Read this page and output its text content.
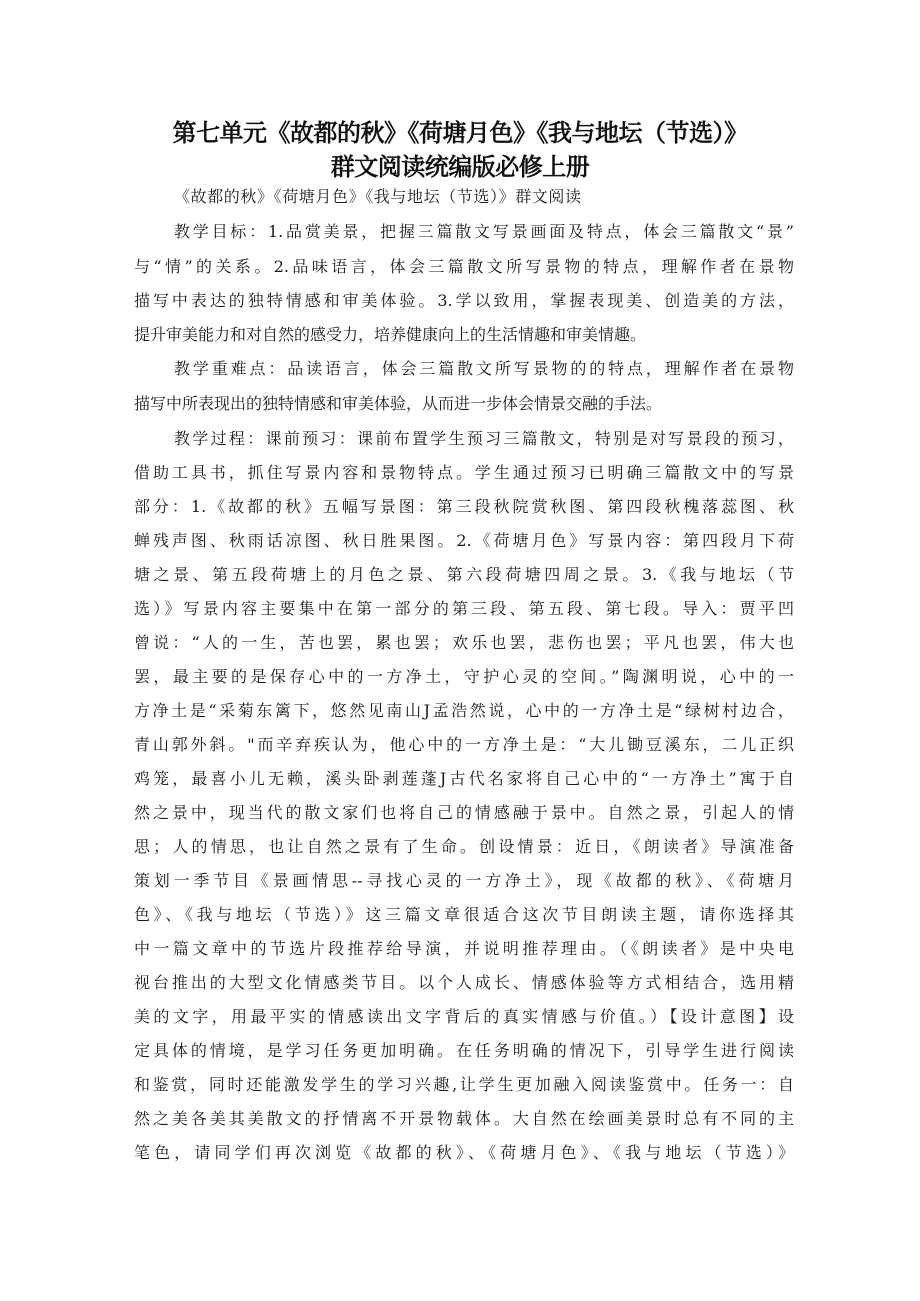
第七单元《故都的秋》《荷塘月色》《我与地坛（节选）》
群文阅读统编版必修上册
《故都的秋》《荷塘月色》《我与地坛（节选）》群文阅读
教学目标：1.品赏美景，把握三篇散文写景画面及特点，体会三篇散文“景”
与“情”的关系。2.品味语言，体会三篇散文所写景物的特点，理解作者在景物
描写中表达的独特情感和审美体验。3.学以致用，掌握表现美、创造美的方法，
提升审美能力和对自然的感受力，培养健康向上的生活情趣和审美情趣。
教学重难点：品读语言，体会三篇散文所写景物的的特点，理解作者在景物
描写中所表现出的独特情感和审美体验，从而进一步体会情景交融的手法。
教学过程：课前预习：课前布置学生预习三篇散文，特别是对写景段的预习，
借助工具书，抓住写景内容和景物特点。学生通过预习已明确三篇散文中的写景
部分：1.《故都的秋》五幅写景图：第三段秋院赏秋图、第四段秋槐落蕊图、秋
蝉残声图、秋雨话凉图、秋日胜果图。2.《荷塘月色》写景内容：第四段月下荷
塘之景、第五段荷塘上的月色之景、第六段荷塘四周之景。3.《我与地坛（节
选）》写景内容主要集中在第一部分的第三段、第五段、第七段。导入：贾平凹
曾说：“人的一生，苦也罢，累也罢；欢乐也罢，悲伤也罢；平凡也罢，伟大也
罢，最主要的是保存心中的一方净土，守护心灵的空间。”陶渊明说，心中的一
方净土是“采菊东篱下，悠然见南山J孟浩然说，心中的一方净土是“绿树村边合，
青山郭外斜。"而辛弃疾认为，他心中的一方净土是：“大儿锄豆溪东，二儿正织
鸡笼，最喜小儿无赖，溪头卧剥莲蓬J古代名家将自己心中的“一方净土”寓于自
然之景中，现当代的散文家们也将自己的情感融于景中。自然之景，引起人的情
思；人的情思，也让自然之景有了生命。创设情景：近日，《朗读者》导演准备
策划一季节目《景画情思--寻找心灵的一方净土》，现《故都的秋》、《荷塘月
色》、《我与地坛（节选）》这三篇文章很适合这次节目朗读主题，请你选择其
中一篇文章中的节选片段推荐给导演，并说明推荐理由。（《朗读者》是中央电
视台推出的大型文化情感类节目。以个人成长、情感体验等方式相结合，选用精
美的文字，用最平实的情感读出文字背后的真实情感与价值。）【设计意图】设
定具体的情境，是学习任务更加明确。在任务明确的情况下，引导学生进行阅读
和鉴赏，同时还能激发学生的学习兴趣,让学生更加融入阅读鉴赏中。任务一：自
然之美各美其美散文的抒情离不开景物载体。大自然在绘画美景时总有不同的主
笔色，请同学们再次浏览《故都的秋》、《荷塘月色》、《我与地坛（节选）》
